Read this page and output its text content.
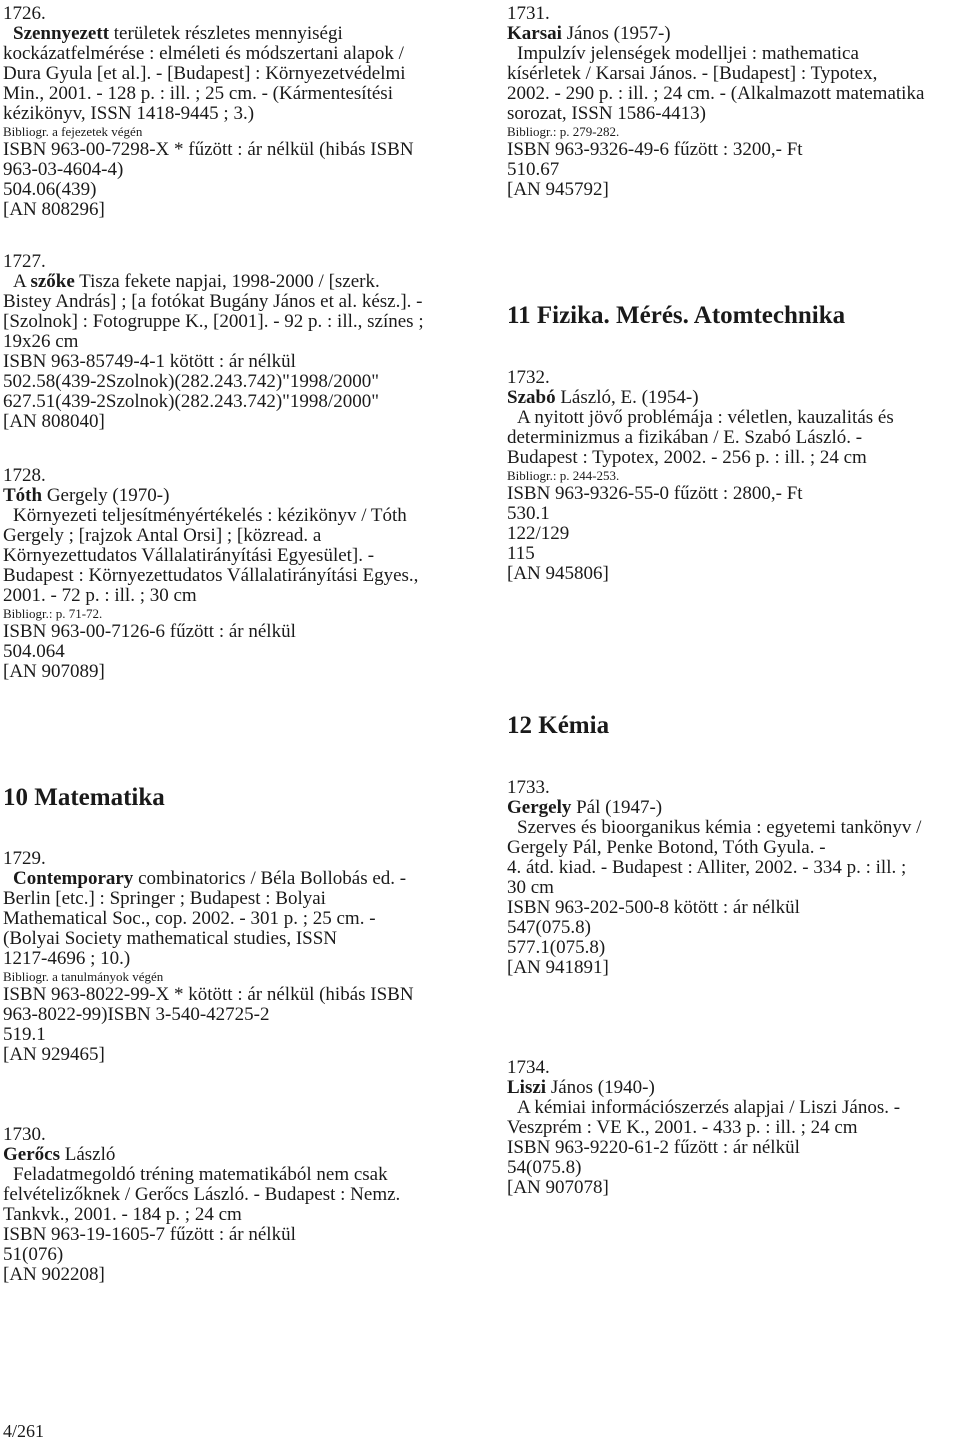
1726.
Szennyezett területek részletes mennyiségi
kockázatfelmérése : elméleti és módszertani alapok /
Dura Gyula [et al.]. - [Budapest] : Környezetvédelmi
Min., 2001. - 128 p. : ill. ; 25 cm. - (Kármentesítési
kézikönyv, ISSN 1418-9445 ; 3.)
Bibliogr. a fejezetek végén
ISBN 963-00-7298-X * fűzött : ár nélkül (hibás ISBN
963-03-4604-4)
504.06(439)
[AN 808296]
1727.
A szőke Tisza fekete napjai, 1998-2000 / [szerk.
Bistey András] ; [a fotókat Bugány János et al. kész.]. -
[Szolnok] : Fotogruppe K., [2001]. - 92 p. : ill., színes ;
19x26 cm
ISBN 963-85749-4-1 kötött : ár nélkül
502.58(439-2Szolnok)(282.243.742)"1998/2000"
627.51(439-2Szolnok)(282.243.742)"1998/2000"
[AN 808040]
1728.
Tóth Gergely (1970-)
Környezeti teljesítményértékelés : kézikönyv / Tóth
Gergely ; [rajzok Antal Orsi] ; [közread. a
Környezettudatos Vállalatirányítási Egyesület]. -
Budapest : Környezettudatos Vállalatirányítási Egyes.,
2001. - 72 p. : ill. ; 30 cm
Bibliogr.: p. 71-72.
ISBN 963-00-7126-6 fűzött : ár nélkül
504.064
[AN 907089]
10 Matematika
1729.
Contemporary combinatorics / Béla Bollobás ed. -
Berlin [etc.] : Springer ; Budapest : Bolyai
Mathematical Soc., cop. 2002. - 301 p. ; 25 cm. -
(Bolyai Society mathematical studies, ISSN
1217-4696 ; 10.)
Bibliogr. a tanulmányok végén
ISBN 963-8022-99-X * kötött : ár nélkül (hibás ISBN
963-8022-99)ISBN 3-540-42725-2
519.1
[AN 929465]
1730.
Gerőcs László
Feladatmegoldó tréning matematikából nem csak
felvételizőknek / Gerőcs László. - Budapest : Nemz.
Tankvk., 2001. - 184 p. ; 24 cm
ISBN 963-19-1605-7 fűzött : ár nélkül
51(076)
[AN 902208]
1731.
Karsai János (1957-)
Impulzív jelenségek modelljei : mathematica
kísérletek / Karsai János. - [Budapest] : Typotex,
2002. - 290 p. : ill. ; 24 cm. - (Alkalmazott matematika
sorozat, ISSN 1586-4413)
Bibliogr.: p. 279-282.
ISBN 963-9326-49-6 fűzött : 3200,- Ft
510.67
[AN 945792]
11 Fizika. Mérés. Atomtechnika
1732.
Szabó László, E. (1954-)
A nyitott jövő problémája : véletlen, kauzalitás és
determinizmus a fizikában / E. Szabó László. -
Budapest : Typotex, 2002. - 256 p. : ill. ; 24 cm
Bibliogr.: p. 244-253.
ISBN 963-9326-55-0 fűzött : 2800,- Ft
530.1
122/129
115
[AN 945806]
12 Kémia
1733.
Gergely Pál (1947-)
Szerves és bioorganikus kémia : egyetemi tankönyv /
Gergely Pál, Penke Botond, Tóth Gyula. -
4. átd. kiad. - Budapest : Alliter, 2002. - 334 p. : ill. ;
30 cm
ISBN 963-202-500-8 kötött : ár nélkül
547(075.8)
577.1(075.8)
[AN 941891]
1734.
Liszi János (1940-)
A kémiai információszerzés alapjai / Liszi János. -
Veszprém : VE K., 2001. - 433 p. : ill. ; 24 cm
ISBN 963-9220-61-2 fűzött : ár nélkül
54(075.8)
[AN 907078]
4/261
